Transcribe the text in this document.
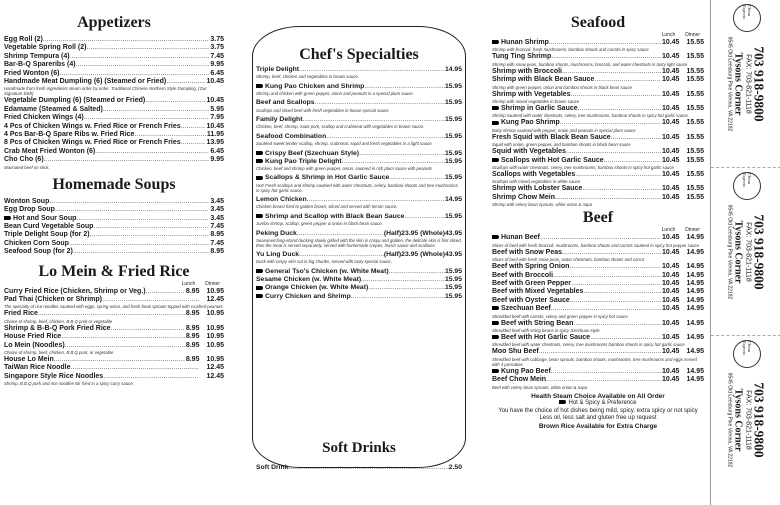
Appetizers
Egg Roll (2) .....	3.75
Vegetable Spring Roll (2) .....	3.75
Shrimp Tempura (4) .....	7.45
Bar-B-Q Spareribs (4) .....	9.95
Fried Wonton (6) .....	6.45
Handmade Meat Dumpling (6) (Steamed or Fried) .....	10.45
Handmade from fresh ingredients steam order by order. Traditional Chinese Northern Style Dumpling, (Our Signature Dish)
Vegetable Dumpling (6) (Steamed or Fried) .....	10.45
Edamame (Steamed & Salted) .....	5.95
Fried Chicken Wings (4) .....	7.95
4 Pcs of Chicken Wings w. Fried Rice or French Fries .....	10.45
4 Pcs Bar-B-Q Spare Ribs w. Fried Rice .....	11.95
8 Pcs of Chicken Wings w. Fried Rice or French Fries .....	13.95
Crab Meat Fried Wonton (6) .....	6.45
Cho Cho (6) .....	9.95
Marinated beef on stick.
Homemade Soups
Wonton Soup .....	3.45
Egg Drop Soup .....	3.45
Hot and Sour Soup .....	3.45
Bean Curd Vegetable Soup .....	7.45
Triple Delight Soup (for 2) .....	8.95
Chicken Corn Soup .....	7.45
Seafood Soup (for 2) .....	8.95
Lo Mein & Fried Rice
Lunch Dinner
Curry Fried Rice (Chicken, Shrimp or Veg.) .....	8.95	10.95
Pad Thai (Chicken or Shrimp) .....	12.45
The specialty of rice noodles sauteed with eggs, spring onion, and fresh bean sprouts topped with crushed peanuts.
Fried Rice .....	8.95	10.95
Choice of shrimp, beef, chicken, B.B.Q pork or vegetable
Shrimp & B-B-Q Pork Fried Rice .....	8.95	10.95
House Fried Rice .....	8.95	10.95
Lo Mein (Noodles) .....	8.95	10.95
Choice of shrimp, beef, chicken, B.B.Q pork, or vegetable
House Lo Mein .....	8.95	10.95
TaiWan Rice Noodle .....	12.45
Singapore Style Rice Noodles .....	12.45
Shrimp, B.B.Q pork and rice noodles stir fried in a spicy curry sauce.
Chef's Specialties
Triple Delight .....	14.95
Shrimp, beef, chicken and vegetables in brown sauce.
Kung Pao Chicken and Shrimp .....	15.95
Shrimp and chicken with green pepper, onion and peanuts in a special plum sauce.
Beef and Scallops .....	15.95
Scallops and sliced beef with fresh vegetables in house special sauce.
Family Delight .....	15.95
Chicken, beef, shrimp, roast pork, scallop and crabmeat with vegetables in brown sauce.
Seafood Combination .....	15.95
Sauteed sweet tender scallop, shrimp, crabmeat, squid and fresh vegetables in a light sauce.
Crispy Beef (Szechuan Style) .....	15.95
Kung Pao Triple Delight .....	15.95
Chicken, beef and shrimp with green pepper, onion, sauteed in rich plum sauce with peanuts
Scallops & Shrimp in Hot Garlic Sauce .....	15.95
Hot! Fresh scallops and shrimp sauteed with water chestnuts, celery, bamboo shoots and tree mushrooms in spicy hot garlic sauce.
Lemon Chicken .....	14.95
Chicken breast fried to golden brown, sliced and served with lemon sauce.
Shrimp and Scallop with Black Bean Sauce .....	15.95
Jumbo shrimp, scallop, green pepper & onion in black bean sauce.
Peking Duck .....	(Half)23.95 (Whole)43.95
Seasoned long-island ducking slowly grilled with the skin is crispy and golden, the delicate skin is first sliced, then the meat is served separately, served with homemade crepes, hoisin sauce and scallions.
Yu Ling Duck .....	(Half)23.95 (Whole)43.95
Duck with crispy skin cut in big chunks, served with tasty special sauce.
General Tso's Chicken (w. White Meat) .....	15.95
Sesame Chicken (w. White Meat) .....	15.95
Orange Chicken (w. White Meat) .....	15.95
Curry Chicken and Shrimp .....	15.95
Soft Drinks
Soft Drink .....	2.50
Seafood
Lunch Dinner
Hunan Shrimp .....	10.45	15.55
Shrimp with broccoli, fresh mushrooms, bamboo shoots and carrots in spicy sauce
Tung Ting Shrimp .....	10.45	15.55
Shrimp with snow peas, bamboo shoots, mushrooms, broccoli, and water chestnuts in tasty light sauce
Shrimp with Broccoli .....	10.45	15.55
Shrimp with Black Bean Sauce .....	10.45	15.55
Shrimp with green pepper, onion and bamboo shoots in black bean sauce
Shrimp with Vegetables .....	10.45	15.55
Shrimp with mixed vegetables in brown sauce
Shrimp in Garlic Sauce .....	10.45	15.55
Shrimp sauteed with water chestnuts, celery, tree mushrooms, bamboo shoots in spicy hot garlic sauce
Kung Pao Shrimp .....	10.45	15.55
Baby shrimp sauteed with pepper, onion and peanuts in special plum sauce
Fresh Squid with Black Bean Sauce .....	10.45	15.55
Squid with onion, green pepper, and bamboo shoots in black bean sauce
Squid with Vegetables .....	10.45	15.55
Scallops with Hot Garlic Sauce .....	10.45	15.55
Scallops with water chestnuts, celery, tree mushrooms, bamboo shoots in spicy hot garlic sauce
Scallops with Vegetables .....	10.45	15.55
Scallops with mixed vegetables in white sauce
Shrimp with Lobster Sauce .....	10.45	15.55
Shrimp Chow Mein .....	10.45	15.55
Shrimp with celery bean sprouts, white onion & napa
Beef
Lunch Dinner
Hunan Beef .....	10.45	14.95
Slices of beef with fresh broccoli, mushrooms, bamboo shoots and carrots sauteed in spicy hot pepper sauce
Beef with Snow Peas .....	10.45	14.95
Slices of beef with fresh snow peas, water chestnuts, bamboo shoots and carrot
Beef with Spring Onion .....	10.45	14.95
Beef with Broccoli .....	10.45	14.95
Beef with Green Pepper .....	10.45	14.95
Beef with Mixed Vegetables .....	10.45	14.95
Beef with Oyster Sauce .....	10.45	14.95
Szechuan Beef .....	10.45	14.95
Shredded beef with carrots, celery and green pepper in spicy hot sauce.
Beef with String Bean .....	10.45	14.95
Shredded beef with string beans in spicy Szechuan style
Beef with Hot Garlic Sauce .....	10.45	14.95
Shredded beef with water chestnuts, celery, tree mushrooms bamboo shoots in spicy hot garlic sauce
Moo Shu Beef .....	10.45	14.95
Shredded beef with cabbage, bean sprouts, bamboo shoots, mushrooms, tree mushrooms and eggs served with 4 pancakes
Kung Pao Beef .....	10.45	14.95
Beef Chow Mein .....	10.45	14.95
Beef with celery bean sprouts, white onion & napa
Health Steam Choice Available on All Order
Hot & Spicy & Preference
You have the choice of hot dishes being mild, spicy, extra spicy or not spicy
Less oil, less salt and gluten free up request
Brown Rice Available for Extra Charge
703 918-9800
FAX: 703-821-1118
Tysons Corner
8545 Old Leesburg Pike Vienna, VA 22182
China Express
703 918-9800
FAX: 703-821-1118
Tysons Corner
8545 Old Leesburg Pike Vienna, VA 22182
China Express
703 918-9800
FAX: 703-821-1118
Tysons Corner
8545 Old Leesburg Pike Vienna, VA 22182
China Express
